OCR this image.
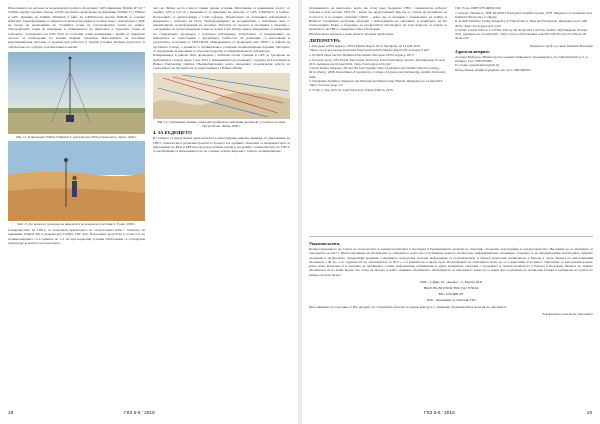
Използването на система за геодезическата работа оборудван с GPS приемник Trimble R7-10 + Trimble Zephyr Geodetic антена. GNSS системата, включваща ги приемник Trimble Tr с DiBase и GPS. Дневник на Trimble Trimmark 3 (фиг. 6). GPSNetwork версия 2009.00, в основен комплект. Трансформация от мерни и геодезически данни в съответствие с показатели от БДС на базата на изчисляване на стотиците точки на топографските точки на земята. Топографските точки на измерване и сближаването на пикселите в отделните точки на плановете. Стандартите на РТК 2010 за Глобални точни измервания с двойна и трикратна честота за наблюдение на всички видими спътници. Използването на различни комуникационни системи са водещи при работата в трудни условия. Всички резултати са обработени със софтуер за изчисления и анализ.

Фиг. 12. Радиомодем Trimble Trimmark 3, работещ като RTK ретранслатор, Тунис, 2006 г.
Фиг. 13. По време на трасиране на нивелетите на резервоар в пустинята, Тунис, 2008 г.

Специалистите по ГНСС са позволили прилагането на технологията RTK с помощта на приемник Trimble R8 и радиомодем Trimble TDL 450. Показаните резултати в точността на позиционирането са в рамките на 1–2 см при нормални условия. Използвани са стандартни процедури за контрол на качеството.

част на Либия, често в много тежки терени условия. Използвани са приемници „Leica“ от серията GS5 и GS 10 с възможност за приемане на сигнали от GPS, ГЛОНАСС и Galileo. Полученият се дигитализира с CAD софтуер. Обработката на статичните наблюдения е извършена с помощта на LGO. Трансформацията на координатите е изпълнена чрез 7-параметрична трансформация на Хелмерт. Работата по проекта в пустинята е свързана с осигуряване на регистрационни точки на всеки 2 км. Контролните измервания са извършени по стандартната процедура с повторно наблюдение. Резултатите от измерванията на нивелетите са съпоставени с проектните стойности. За сравнение са използвани и резултатите, получени от CHEVRON. Измерванията са проведени през 2008 г. в района на пустинята Сахара, а данните са публикувани в различни специализирани издания. Методите за определяне на височини са описани подробно в специализираната литература.

Измерванията в района бяха проведени с мобилна пълна станция и GPS за трасиране на дълбочини в сложен терен. След 2012 г. измерванията продължават с уредите на Геотехника и Balkan Engineering Limited (Великобритания), които извършват геодезически работи на територията на пустинята и по пристанищата в Южна Либия.

Фиг. 14. Спътникови снимки с нанесени профили на скеновани произволи с участието на инж. Петър Илчев, Либия, 2008 г.
4. ЗА БЪДЕЩЕТО

В статията са представени хронологично и илюстрирани няколко примера за приложение на ГНСС технологии в различни проекти в страната и в чужбина. Показани са възможностите за приложение на RTK и PPP методи при различни задачи в геодезията. Специалистите по ГНСС са необходими за изпълнението на по-сложни задачи свързани с точното позициониране.

18	ГКЗ 5-6 ' 2016

Основаването на въпросите, които ще стоят пред бъдещите ГНСС специалисти, изборът започва в тези посоки. GPS III – какво ще представлява? Как ще се отрази на промяната на точността и на новите сигнали? GNSS – какво ще се промени с навлизането на Galileo и BeiDou? Сегашните проблеми свързани с интеграцията на системите и развитието на 5G технологиите. Какво е бъдещето на професията? Отговорите на тези въпроси са важни за развитието на ГНСС специалностите в България.

Интересните времена в тази област тепърва предстоят.

ЛИТЕРАТУРА:
1. European GNSS Agency, GNSS Market Report 2015. Цитирано на 14 май 2016. <https://www.gsa.europa.eu/system/files/reports/GNSS-Market-Report-2015-issue4_0.pdf>
2. EGNOS Open Service Definition Document, European GNSS Agency, 2015.
3. Dowson, Greg. GPS World. Innovation: In Precise Point Positioning. Vectors, Публикувано 01 май 2011. цитирано на 04 май 2016. <http://www.gpsworld.com>
4. Kirat Kumar Talapaga, 2D and 3D Land Seismic Data Acquisition and Seismic Data Processing, M.Sc.(Tech.), 2008. Department of Geophysics, College of Science and Technology, Andhra University, India.
5. Navigation Satellites, Regional and Interregional Meteorology Branch. Цитирано на 14 май 2016. <http://www.nrcan.gc.ca>
6. Stoks, J. Van, GPS for Land Surveyors, Fourth Edition, 2015.
CRC Press, ISBN 9781466561106.
7. Stewart, Thomas A. THE TRANSIT Navigation Satellite System. 1978. Magnavox Government And Industrial Electronics Company.
8. Transit Satellites. Living Frequency In Find Position, Time and Navigation. Цитирано на 01 май 2016. <http://www.gpsworld.com>
9. Wolfe, Lauren Wilcox. Cold War Library All About Old Cold War Studies. Публикувано 24 март 2011. цитирано на 14 май 2016. <http://www.coldwarstudies.com/2011/03/24/cold-war-library-all-about-old>
Рецензент: проф. д-р инж. Кираина Василева
Адреси на авторите:
Асхаруп Бахбуров, Министерство на инвестиционното проектиране („Св. Иван Рилски“), ет. 4, кабинет; Тел.: 0887076005
Ел. поща: iquiosbahbaxi@alb.bg
Петър Илчев: plamilcev@gmail.com, Тел.: 0887066655
Уважаеми колеги,

Разпространението на Съюза на геодезистите и землеустроителите в България и Редакционната колегия на списание „Геодезия, картография и землеустройство“ Ви каним да се абонирате за списанието за 2017 г. При подновяване на абонамента за списанието, което ще се публикува първото и най-точно информационно отражение, стараещо се да направи всичко необходимо, правило наложени в професията, определящи решения. Списанието предоставя полезна информация за геодезическите и землеустроителни специалисти в Европа и света. Цената на едногодишния абонамент е 36 лв., а за студенти 18 лв. Абонаментът за 2017 г. е в рамките на 4 двоен броя. Получаването на списанието може да се осъществява и на място. Обръщаме се към всички колеги, които имат възможност и желание да публикуват статии, информация, публикации и други материали, свързани с геодезията и землеустройството в Европа и България. Можете да заявите абонамента си по всяко време, без оглед на месеца, в който заявявате абонамента. Абонаментът за списанието може да се заяви чрез попълване на специална бланка и заплащане на сумата по банков път или лично.

1000 – София, Ул. „Кракра“ 11, Кърпач ДГК
IBAN: BG 80 UNCR 7000 1522 5556 64
BIC: UNCRBGSF
ОТБ – Абонамент за списание ГКЗ

При заявяване на търсения от Вас продукт, за служебните абонати се издава фактура. С уважение, Редакционната колегия на списанието

Редакционна колегия на списанието
ГКЗ 5-6 ' 2016	19
